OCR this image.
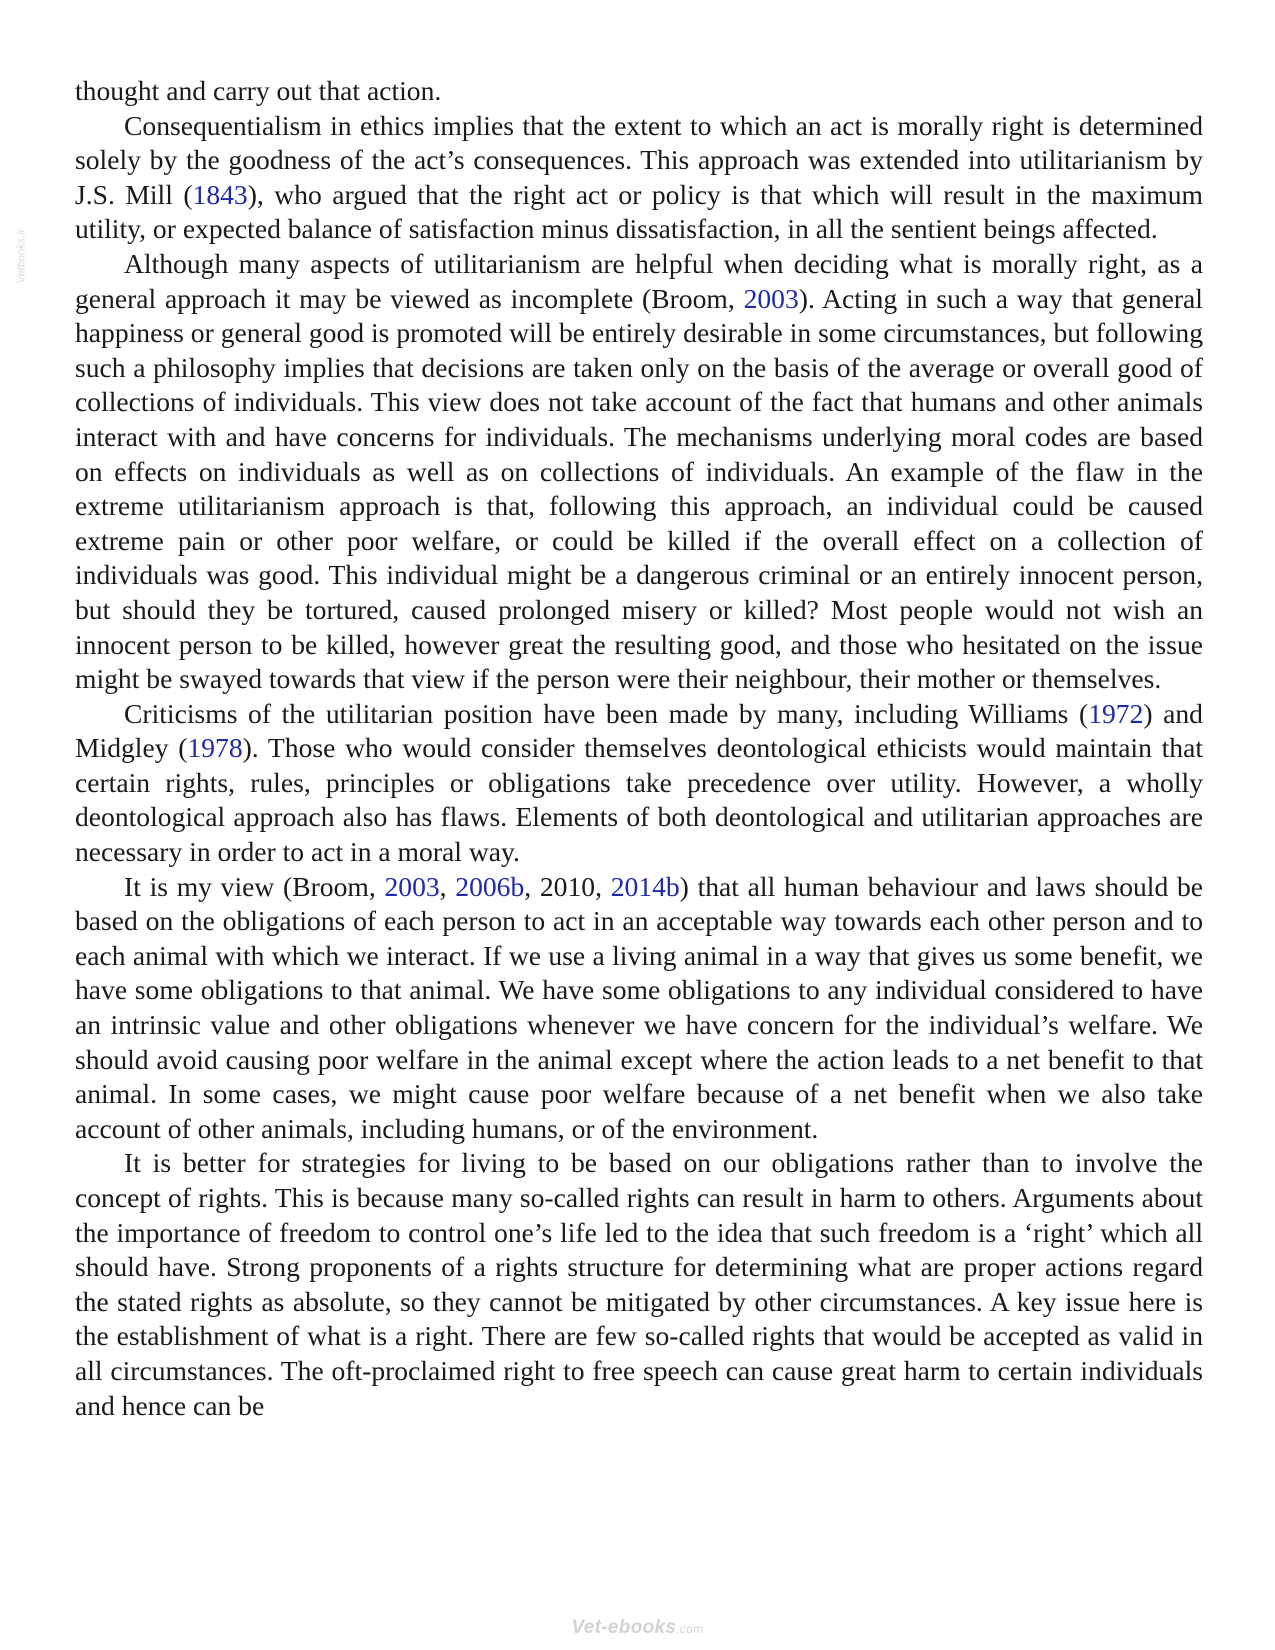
Vetbooks.ir

thought and carry out that action.

Consequentialism in ethics implies that the extent to which an act is morally right is determined solely by the goodness of the act’s consequences. This approach was extended into utilitarianism by J.S. Mill (1843), who argued that the right act or policy is that which will result in the maximum utility, or expected balance of satisfaction minus dissatisfaction, in all the sentient beings affected.

Although many aspects of utilitarianism are helpful when deciding what is morally right, as a general approach it may be viewed as incomplete (Broom, 2003). Acting in such a way that general happiness or general good is promoted will be entirely desirable in some circumstances, but following such a philosophy implies that decisions are taken only on the basis of the average or overall good of collections of individuals. This view does not take account of the fact that humans and other animals interact with and have concerns for individuals. The mechanisms underlying moral codes are based on effects on individuals as well as on collections of individuals. An example of the flaw in the extreme utilitarianism approach is that, following this approach, an individual could be caused extreme pain or other poor welfare, or could be killed if the overall effect on a collection of individuals was good. This individual might be a dangerous criminal or an entirely innocent person, but should they be tortured, caused prolonged misery or killed? Most people would not wish an innocent person to be killed, however great the resulting good, and those who hesitated on the issue might be swayed towards that view if the person were their neighbour, their mother or themselves.

Criticisms of the utilitarian position have been made by many, including Williams (1972) and Midgley (1978). Those who would consider themselves deontological ethicists would maintain that certain rights, rules, principles or obligations take precedence over utility. However, a wholly deontological approach also has flaws. Elements of both deontological and utilitarian approaches are necessary in order to act in a moral way.

It is my view (Broom, 2003, 2006b, 2010, 2014b) that all human behaviour and laws should be based on the obligations of each person to act in an acceptable way towards each other person and to each animal with which we interact. If we use a living animal in a way that gives us some benefit, we have some obligations to that animal. We have some obligations to any individual considered to have an intrinsic value and other obligations whenever we have concern for the individual’s welfare. We should avoid causing poor welfare in the animal except where the action leads to a net benefit to that animal. In some cases, we might cause poor welfare because of a net benefit when we also take account of other animals, including humans, or of the environment.

It is better for strategies for living to be based on our obligations rather than to involve the concept of rights. This is because many so-called rights can result in harm to others. Arguments about the importance of freedom to control one’s life led to the idea that such freedom is a ‘right’ which all should have. Strong proponents of a rights structure for determining what are proper actions regard the stated rights as absolute, so they cannot be mitigated by other circumstances. A key issue here is the establishment of what is a right. There are few so-called rights that would be accepted as valid in all circumstances. The oft-proclaimed right to free speech can cause great harm to certain individuals and hence can be

Vet-ebooks.com
